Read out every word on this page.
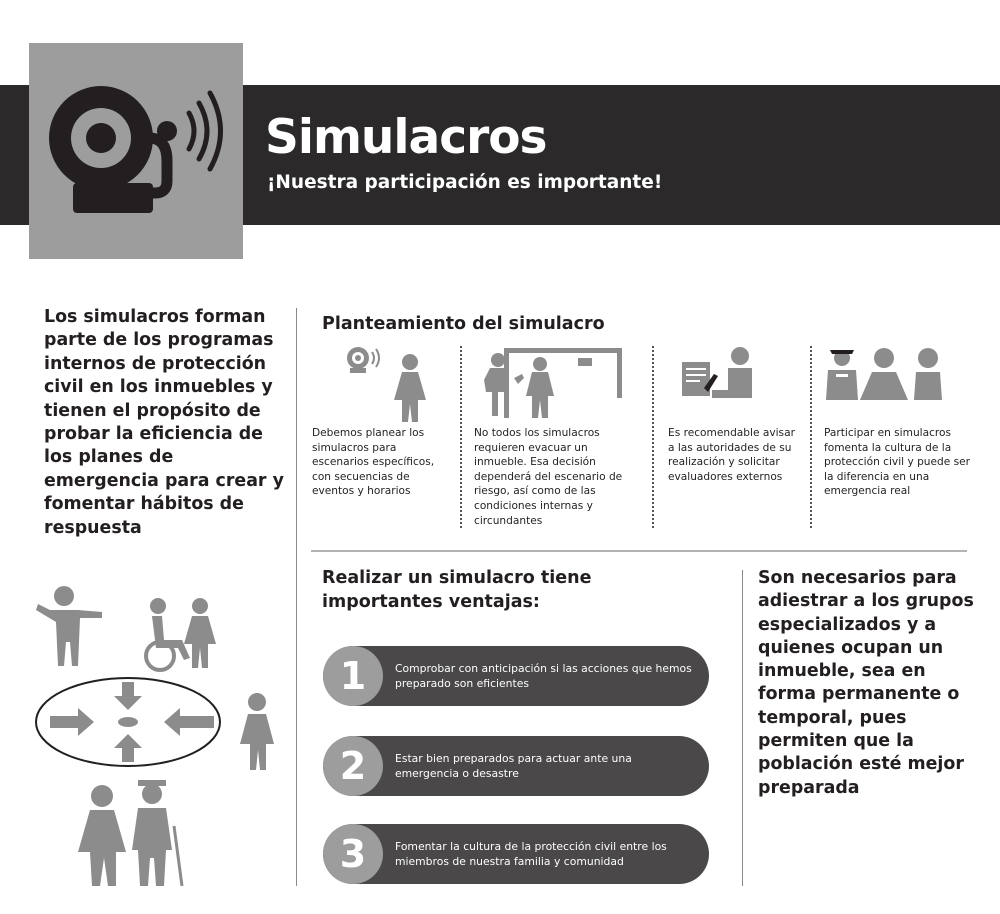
Simulacros
¡Nuestra participación es importante!

Los simulacros forman parte de los programas internos de protección civil en los inmuebles y tienen el propósito de probar la eficiencia de los planes de emergencia para crear y fomentar hábitos de respuesta

Planteamiento del simulacro

Debemos planear los simulacros para escenarios específicos, con secuencias de eventos y horarios

No todos los simulacros requieren evacuar un inmueble. Esa decisión dependerá del escenario de riesgo, así como de las condiciones internas y circundantes

Es recomendable avisar a las autoridades de su realización y solicitar evaluadores externos

Participar en simulacros fomenta la cultura de la protección civil y puede ser la diferencia en una emergencia real

Realizar un simulacro tiene importantes ventajas:
1	Comprobar con anticipación si las acciones que hemos preparado son eficientes
2	Estar bien preparados para actuar ante una emergencia o desastre
3	Fomentar la cultura de la protección civil entre los miembros de nuestra familia y comunidad

Son necesarios para adiestrar a los grupos especializados y a quienes ocupan un inmueble, sea en forma permanente o temporal, pues permiten que la población esté mejor preparada
